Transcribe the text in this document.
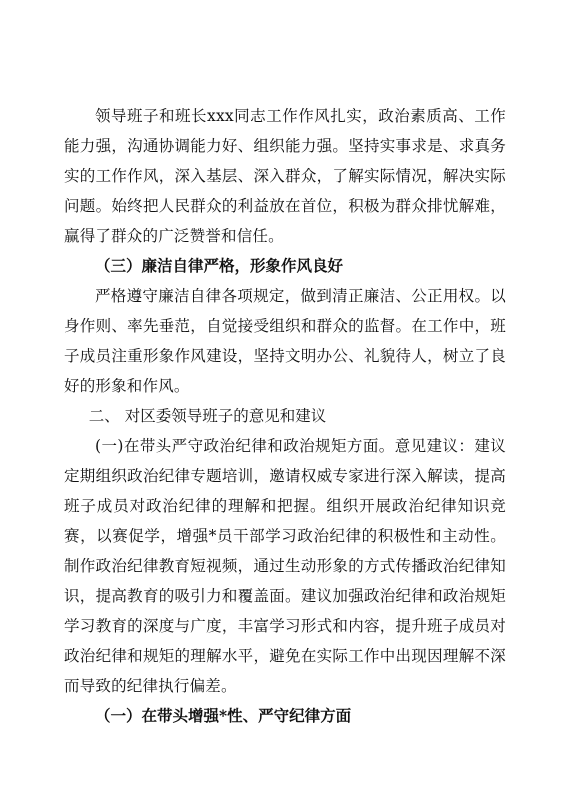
领导班子和班长xxx同志工作作风扎实，政治素质高、工作能力强，沟通协调能力好、组织能力强。坚持实事求是、求真务实的工作作风，深入基层、深入群众，了解实际情况，解决实际问题。始终把人民群众的利益放在首位，积极为群众排忧解难，赢得了群众的广泛赞誉和信任。

（三）廉洁自律严格，形象作风良好

严格遵守廉洁自律各项规定，做到清正廉洁、公正用权。以身作则、率先垂范，自觉接受组织和群众的监督。在工作中，班子成员注重形象作风建设，坚持文明办公、礼貌待人，树立了良好的形象和作风。

二、 对区委领导班子的意见和建议

(一)在带头严守政治纪律和政治规矩方面。意见建议：建议定期组织政治纪律专题培训，邀请权威专家进行深入解读，提高班子成员对政治纪律的理解和把握。组织开展政治纪律知识竞赛，以赛促学，增强*员干部学习政治纪律的积极性和主动性。制作政治纪律教育短视频，通过生动形象的方式传播政治纪律知识，提高教育的吸引力和覆盖面。建议加强政治纪律和政治规矩学习教育的深度与广度，丰富学习形式和内容，提升班子成员对政治纪律和规矩的理解水平，避免在实际工作中出现因理解不深而导致的纪律执行偏差。

（一）在带头增强*性、严守纪律方面
